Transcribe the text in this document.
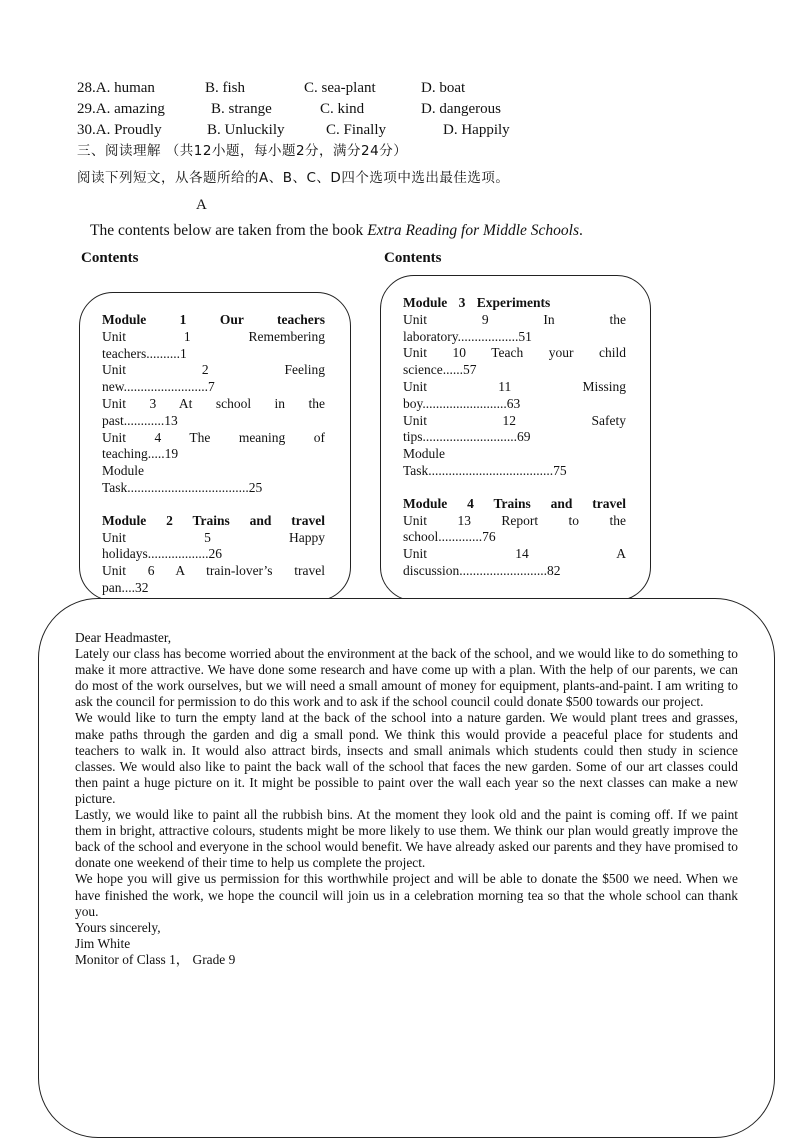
28.A. human	B. fish	C. sea-plant	D. boat
29.A. amazing	B. strange	C. kind	D. dangerous
30.A. Proudly	B. Unluckily	C. Finally	D. Happily
三、阅读理解 （共12小题，每小题2分，满分24分）
阅读下列短文，从各题所给的A、B、C、D四个选项中选出最佳选项。
A
The contents below are taken from the book Extra Reading for Middle Schools.
Contents	Contents
Module 1 Our teachers
Unit 1 Remembering
teachers..........1
Unit 2 Feeling
new.........................7
Unit 3 At school in the
past............13
Unit 4 The meaning of
teaching.....19
Module
Task....................................25
Module 2 Trains and travel
Unit 5 Happy
holidays..................26
Unit 6 A train-lover’s travel
pan....32
Module 3 Experiments
Unit 9 In the
laboratory..................51
Unit 10 Teach your child
science......57
Unit 11 Missing
boy.........................63
Unit 12 Safety
tips............................69
Module
Task.....................................75
Module 4 Trains and travel
Unit 13 Report to the
school.............76
Unit 14 A
discussion..........................82

Dear Headmaster,

Lately our class has become worried about the environment at the back of the school, and we would like to do something to make it more attractive. We have done some research and have come up with a plan. With the help of our parents, we can do most of the work ourselves, but we will need a small amount of money for equipment, plants-and-paint. I am writing to ask the council for permission to do this work and to ask if the school council could donate $500 towards our project.

We would like to turn the empty land at the back of the school into a nature garden. We would plant trees and grasses, make paths through the garden and dig a small pond. We think this would provide a peaceful place for students and teachers to walk in. It would also attract birds, insects and small animals which students could then study in science classes. We would also like to paint the back wall of the school that faces the new garden. Some of our art classes could then paint a huge picture on it. It might be possible to paint over the wall each year so the next classes can make a new picture.

Lastly, we would like to paint all the rubbish bins. At the moment they look old and the paint is coming off. If we paint them in bright, attractive colours, students might be more likely to use them. We think our plan would greatly improve the back of the school and everyone in the school would benefit. We have already asked our parents and they have promised to donate one weekend of their time to help us complete the project.

We hope you will give us permission for this worthwhile project and will be able to donate the $500 we need. When we have finished the work, we hope the council will join us in a celebration morning tea so that the whole school can thank you.

Yours sincerely,

Jim White

Monitor of Class 1， Grade 9
